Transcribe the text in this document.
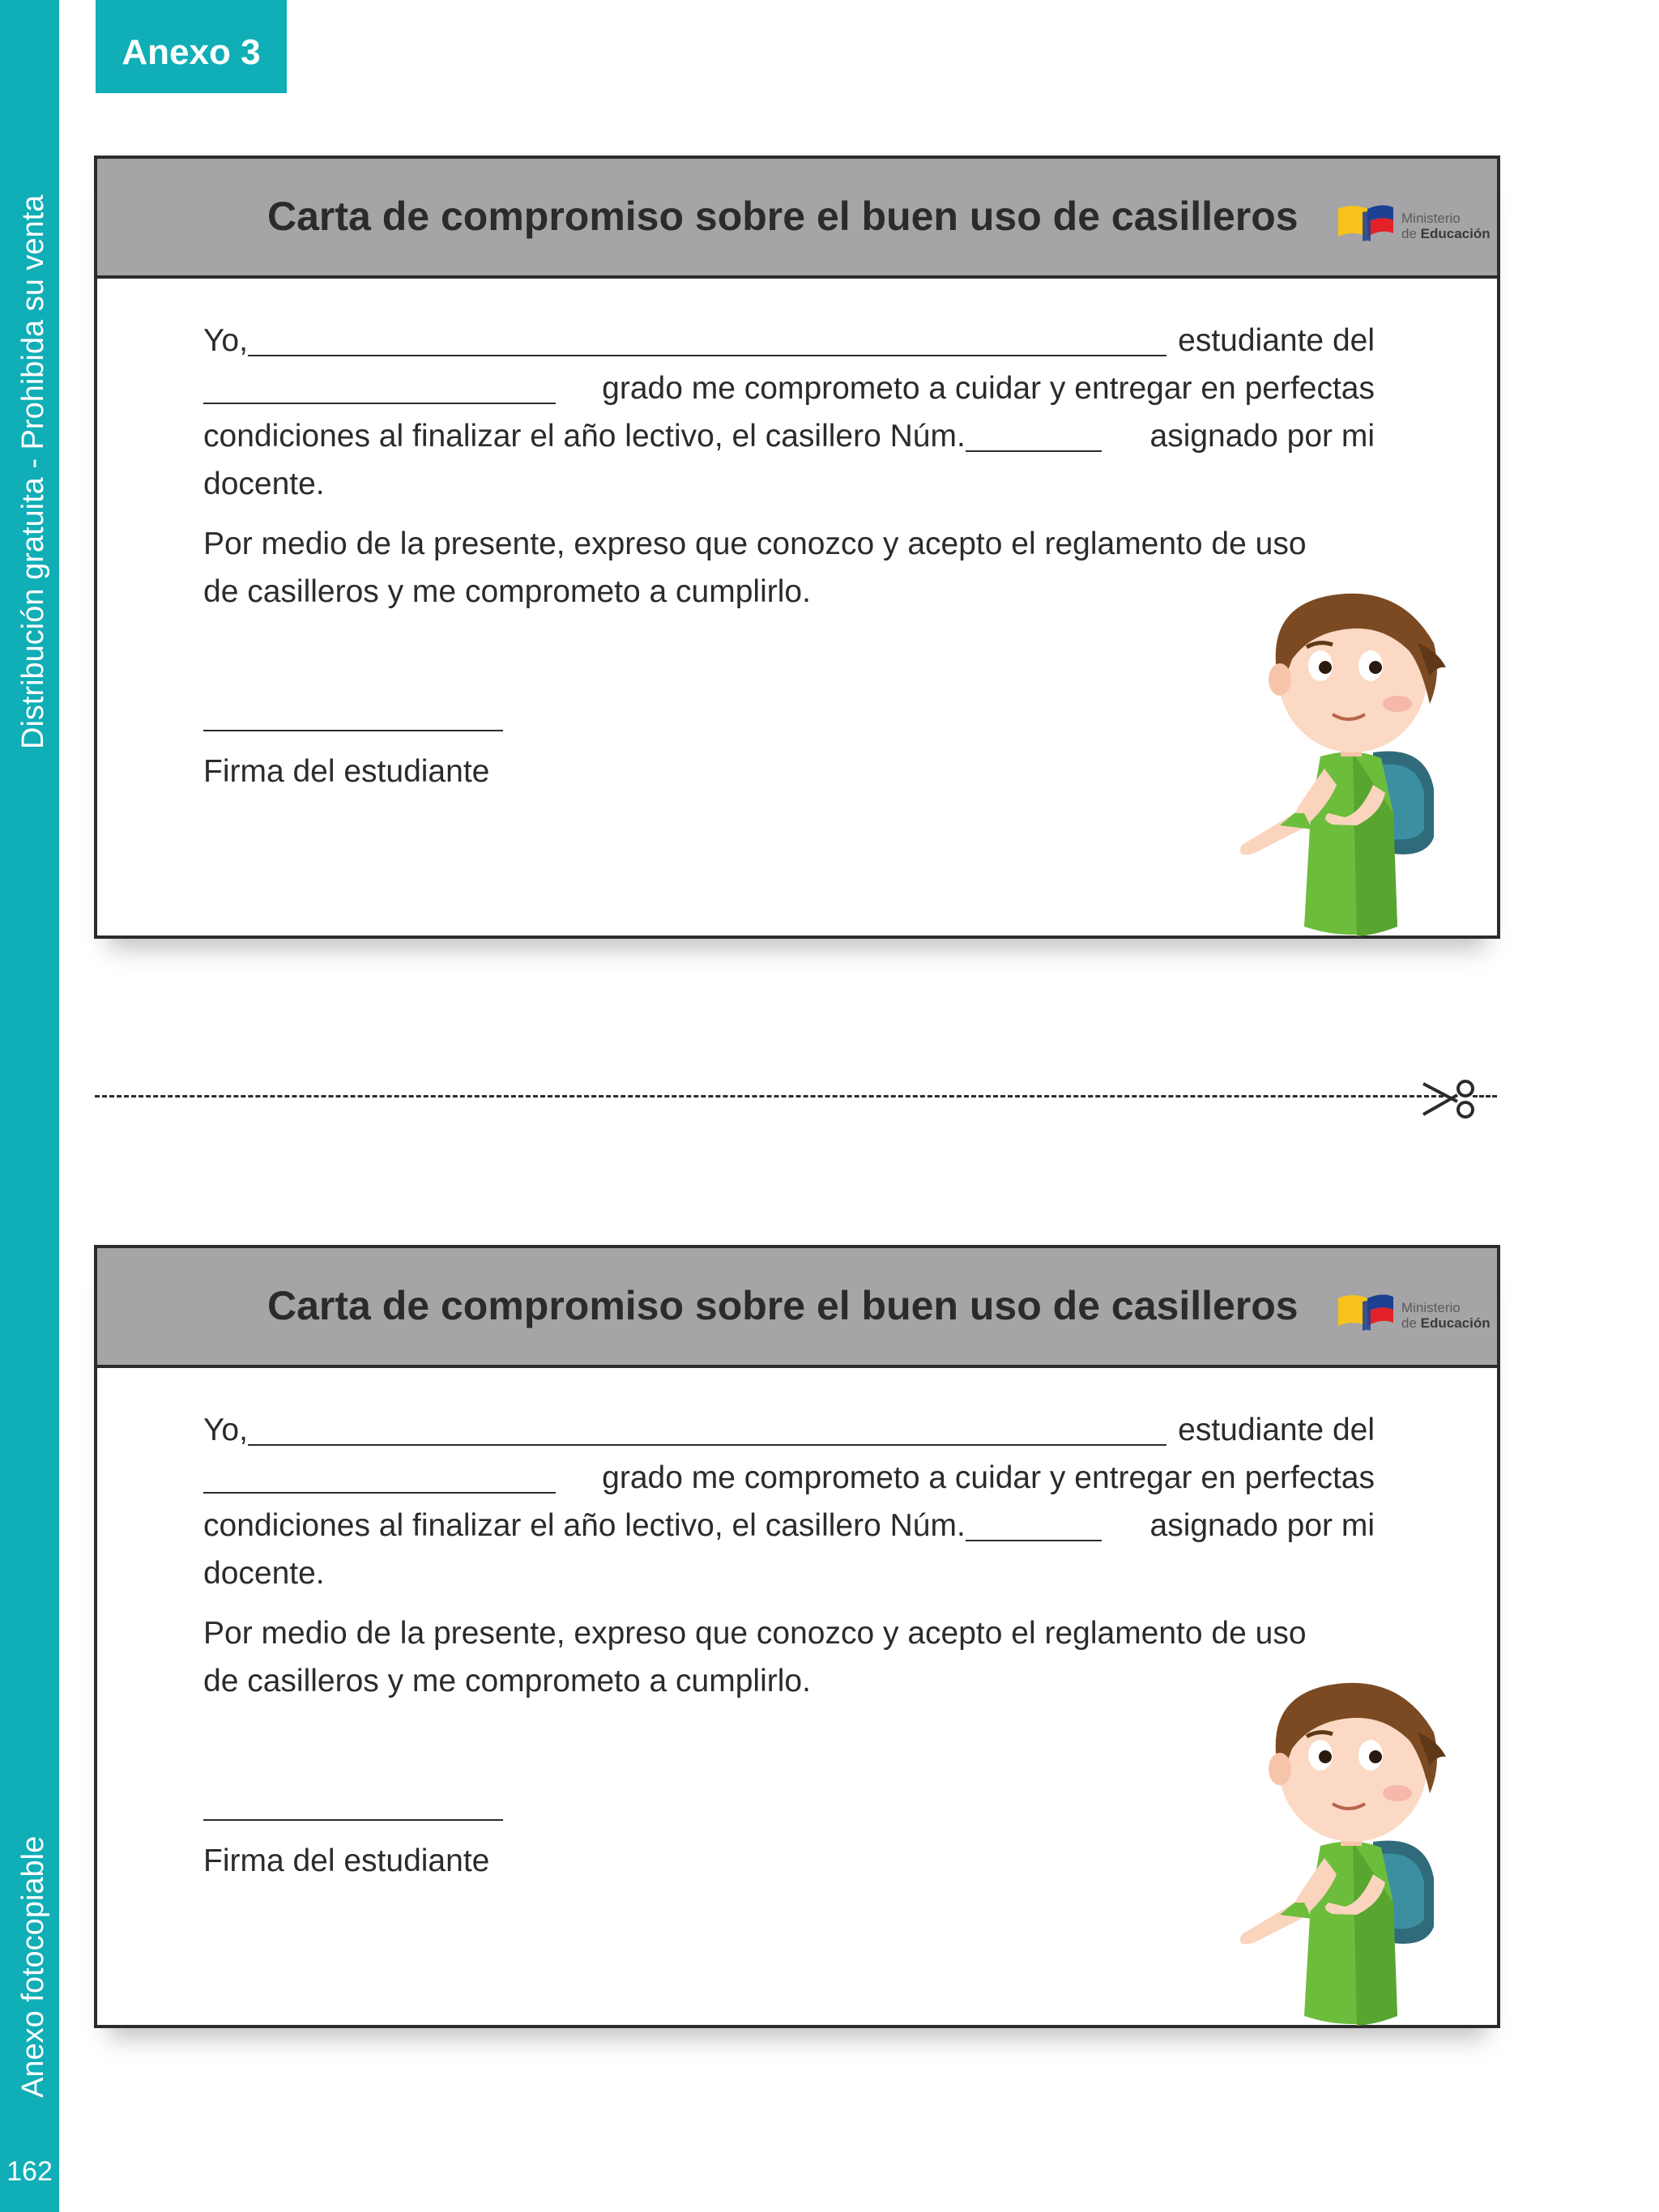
Distribución gratuita - Prohibida su venta
Anexo fotocopiable
162
Anexo 3
Carta de compromiso sobre el buen uso de casilleros	Ministerio
de Educación
Yo,	estudiante del
grado me comprometo a cuidar y entregar en perfectas
condiciones al finalizar el año lectivo, el casillero Núm.	asignado por mi
docente.
Por medio de la presente, expreso que conozco y acepto el reglamento de uso
de casilleros y me comprometo a cumplirlo.
Firma del estudiante
Carta de compromiso sobre el buen uso de casilleros	Ministerio
de Educación
Yo,	estudiante del
grado me comprometo a cuidar y entregar en perfectas
condiciones al finalizar el año lectivo, el casillero Núm.	asignado por mi
docente.
Por medio de la presente, expreso que conozco y acepto el reglamento de uso
de casilleros y me comprometo a cumplirlo.
Firma del estudiante
